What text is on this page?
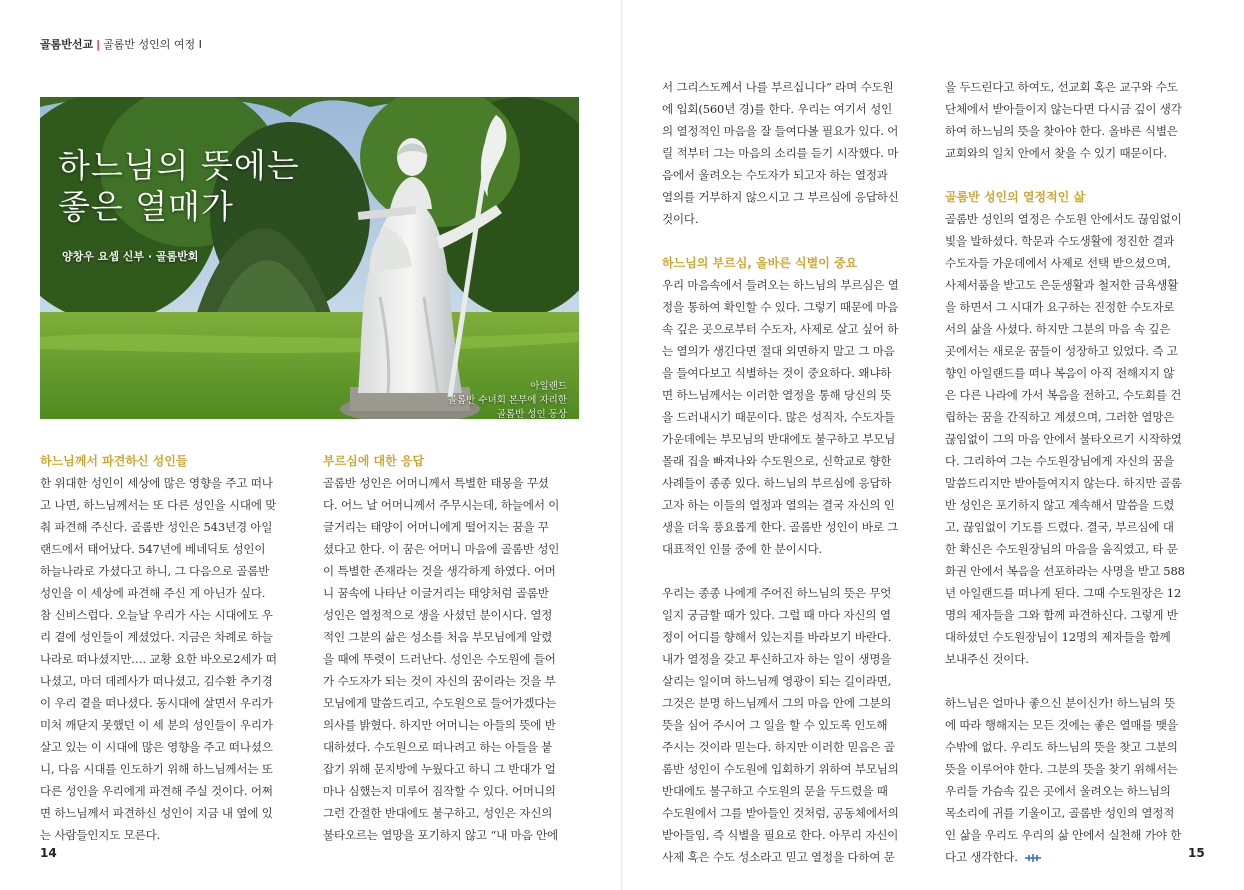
골롬반선교 | 골롬반 성인의 여정 I
하느님의 뜻에는
좋은 열매가
양창우 요셉 신부 · 골롬반회
아일랜드
골롬반 수녀회 본부에 자리한
골롬반 성인 동상
하느님께서 파견하신 성인들
한 위대한 성인이 세상에 많은 영향을 주고 떠나
고 나면, 하느님께서는 또 다른 성인을 시대에 맞
춰 파견해 주신다. 골롬반 성인은 543년경 아일
랜드에서 태어났다. 547년에 베네딕토 성인이
하늘나라로 가셨다고 하니, 그 다음으로 골롬반
성인을 이 세상에 파견해 주신 게 아닌가 싶다.
참 신비스럽다. 오늘날 우리가 사는 시대에도 우
리 곁에 성인들이 계셨었다. 지금은 차례로 하늘
나라로 떠나셨지만…. 교황 요한 바오로2세가 떠
나셨고, 마더 데레사가 떠나셨고, 김수환 추기경
이 우리 곁을 떠나셨다. 동시대에 살면서 우리가
미처 깨닫지 못했던 이 세 분의 성인들이 우리가
살고 있는 이 시대에 많은 영향을 주고 떠나셨으
니, 다음 시대를 인도하기 위해 하느님께서는 또
다른 성인을 우리에게 파견해 주실 것이다. 어쩌
면 하느님께서 파견하신 성인이 지금 내 옆에 있
는 사람들인지도 모른다.
부르심에 대한 응답
골롬반 성인은 어머니께서 특별한 태몽을 꾸셨
다. 어느 날 어머니께서 주무시는데, 하늘에서 이
글거리는 태양이 어머니에게 떨어지는 꿈을 꾸
셨다고 한다. 이 꿈은 어머니 마음에 골롬반 성인
이 특별한 존재라는 것을 생각하게 하였다. 어머
니 꿈속에 나타난 이글거리는 태양처럼 골롬반
성인은 열정적으로 생을 사셨던 분이시다. 열정
적인 그분의 삶은 성소를 처음 부모님에게 알렸
을 때에 뚜렷이 드러난다. 성인은 수도원에 들어
가 수도자가 되는 것이 자신의 꿈이라는 것을 부
모님에게 말씀드리고, 수도원으로 들어가겠다는
의사를 밝혔다. 하지만 어머니는 아들의 뜻에 반
대하셨다. 수도원으로 떠나려고 하는 아들을 붙
잡기 위해 문지방에 누웠다고 하니 그 반대가 얼
마나 심했는지 미루어 짐작할 수 있다. 어머니의
그런 간절한 반대에도 불구하고, 성인은 자신의
불타오르는 열망을 포기하지 않고 “내 마음 안에
서 그리스도께서 나를 부르십니다” 라며 수도원
에 입회(560년 경)를 한다. 우리는 여기서 성인
의 열정적인 마음을 잘 들여다볼 필요가 있다. 어
릴 적부터 그는 마음의 소리를 듣기 시작했다. 마
음에서 울려오는 수도자가 되고자 하는 열정과
열의를 거부하지 않으시고 그 부르심에 응답하신
것이다.
하느님의 부르심, 올바른 식별이 중요
우리 마음속에서 들려오는 하느님의 부르심은 열
정을 통하여 확인할 수 있다. 그렇기 때문에 마음
속 깊은 곳으로부터 수도자, 사제로 살고 싶어 하
는 열의가 생긴다면 절대 외면하지 말고 그 마음
을 들여다보고 식별하는 것이 중요하다. 왜냐하
면 하느님께서는 이러한 열정을 통해 당신의 뜻
을 드러내시기 때문이다. 많은 성직자, 수도자들
가운데에는 부모님의 반대에도 불구하고 부모님
몰래 집을 빠져나와 수도원으로, 신학교로 향한
사례들이 종종 있다. 하느님의 부르심에 응답하
고자 하는 이들의 열정과 열의는 결국 자신의 인
생을 더욱 풍요롭게 한다. 골롬반 성인이 바로 그
대표적인 인물 중에 한 분이시다.
우리는 종종 나에게 주어진 하느님의 뜻은 무엇
일지 궁금할 때가 있다. 그럴 때 마다 자신의 열
정이 어디를 향해서 있는지를 바라보기 바란다.
내가 열정을 갖고 투신하고자 하는 일이 생명을
살리는 일이며 하느님께 영광이 되는 길이라면,
그것은 분명 하느님께서 그의 마음 안에 그분의
뜻을 심어 주시어 그 일을 할 수 있도록 인도해
주시는 것이라 믿는다. 하지만 이러한 믿음은 골
롬반 성인이 수도원에 입회하기 위하여 부모님의
반대에도 불구하고 수도원의 문을 두드렸을 때
수도원에서 그를 받아들인 것처럼, 공동체에서의
받아들임, 즉 식별을 필요로 한다. 아무리 자신이
사제 혹은 수도 성소라고 믿고 열정을 다하여 문
을 두드린다고 하여도, 선교회 혹은 교구와 수도
단체에서 받아들이지 않는다면 다시금 깊이 생각
하여 하느님의 뜻을 찾아야 한다. 올바른 식별은
교회와의 일치 안에서 찾을 수 있기 때문이다.
골롬반 성인의 열정적인 삶
골롬반 성인의 열정은 수도원 안에서도 끊임없이
빛을 발하셨다. 학문과 수도생활에 정진한 결과
수도자들 가운데에서 사제로 선택 받으셨으며,
사제서품을 받고도 은둔생활과 철저한 금욕생활
을 하면서 그 시대가 요구하는 진정한 수도자로
서의 삶을 사셨다. 하지만 그분의 마음 속 깊은
곳에서는 새로운 꿈들이 성장하고 있었다. 즉 고
향인 아일랜드를 떠나 복음이 아직 전해지지 않
은 다른 나라에 가서 복음을 전하고, 수도회를 건
립하는 꿈을 간직하고 계셨으며, 그러한 열망은
끊임없이 그의 마음 안에서 불타오르기 시작하였
다. 그리하여 그는 수도원장님에게 자신의 꿈을
말씀드리지만 받아들여지지 않는다. 하지만 골롬
반 성인은 포기하지 않고 계속해서 말씀을 드렸
고, 끊임없이 기도를 드렸다. 결국, 부르심에 대
한 확신은 수도원장님의 마음을 움직였고, 타 문
화권 안에서 복음을 선포하라는 사명을 받고 588
년 아일랜드를 떠나게 된다. 그때 수도원장은 12
명의 제자들을 그와 함께 파견하신다. 그렇게 반
대하셨던 수도원장님이 12명의 제자들을 함께
보내주신 것이다.
하느님은 얼마나 좋으신 분이신가! 하느님의 뜻
에 따라 행해지는 모든 것에는 좋은 열매를 맺을
수밖에 없다. 우리도 하느님의 뜻을 찾고 그분의
뜻을 이루어야 한다. 그분의 뜻을 찾기 위해서는
우리들 가슴속 깊은 곳에서 울려오는 하느님의
목소리에 귀를 기울이고, 골롬반 성인의 열정적
인 삶을 우리도 우리의 삶 안에서 실천해 가야 한
다고 생각한다.
14	15
